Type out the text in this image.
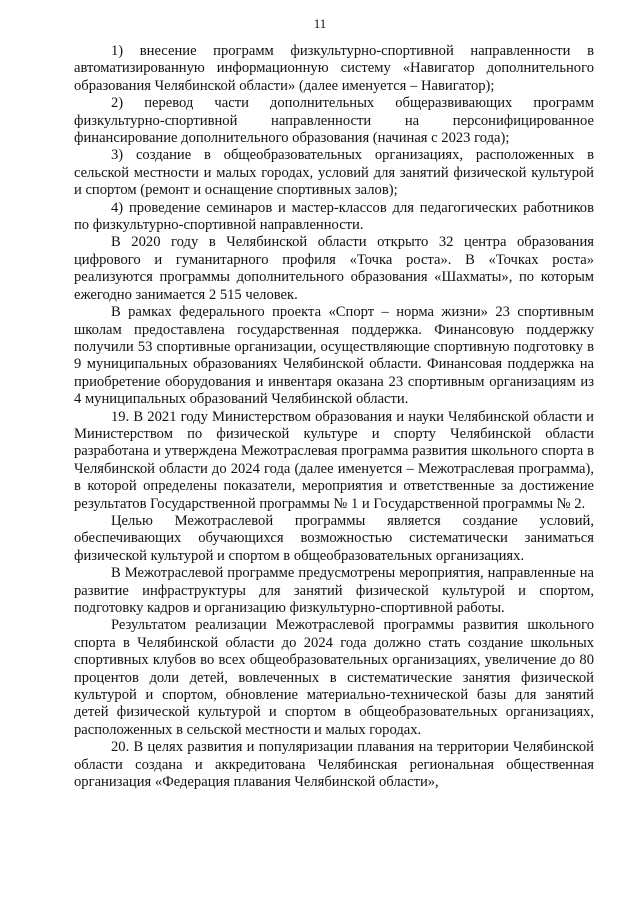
11

1) внесение программ физкультурно-спортивной направленности в автоматизированную информационную систему «Навигатор дополнительного образования Челябинской области» (далее именуется – Навигатор);

2) перевод части дополнительных общеразвивающих программ физкультурно-спортивной направленности на персонифицированное финансирование дополнительного образования (начиная с 2023 года);

3) создание в общеобразовательных организациях, расположенных в сельской местности и малых городах, условий для занятий физической культурой и спортом (ремонт и оснащение спортивных залов);

4) проведение семинаров и мастер-классов для педагогических работников по физкультурно-спортивной направленности.

В 2020 году в Челябинской области открыто 32 центра образования цифрового и гуманитарного профиля «Точка роста». В «Точках роста» реализуются программы дополнительного образования «Шахматы», по которым ежегодно занимается 2 515 человек.

В рамках федерального проекта «Спорт – норма жизни» 23 спортивным школам предоставлена государственная поддержка. Финансовую поддержку получили 53 спортивные организации, осуществляющие спортивную подготовку в 9 муниципальных образованиях Челябинской области. Финансовая поддержка на приобретение оборудования и инвентаря оказана 23 спортивным организациям из 4 муниципальных образований Челябинской области.

19. В 2021 году Министерством образования и науки Челябинской области и Министерством по физической культуре и спорту Челябинской области разработана и утверждена Межотраслевая программа развития школьного спорта в Челябинской области до 2024 года (далее именуется – Межотраслевая программа), в которой определены показатели, мероприятия и ответственные за достижение результатов Государственной программы № 1 и Государственной программы № 2.

Целью Межотраслевой программы является создание условий, обеспечивающих обучающихся возможностью систематически заниматься физической культурой и спортом в общеобразовательных организациях.

В Межотраслевой программе предусмотрены мероприятия, направленные на развитие инфраструктуры для занятий физической культурой и спортом, подготовку кадров и организацию физкультурно-спортивной работы.

Результатом реализации Межотраслевой программы развития школьного спорта в Челябинской области до 2024 года должно стать создание школьных спортивных клубов во всех общеобразовательных организациях, увеличение до 80 процентов доли детей, вовлеченных в систематические занятия физической культурой и спортом, обновление материально-технической базы для занятий детей физической культурой и спортом в общеобразовательных организациях, расположенных в сельской местности и малых городах.

20. В целях развития и популяризации плавания на территории Челябинской области создана и аккредитована Челябинская региональная общественная организация «Федерация плавания Челябинской области»,
